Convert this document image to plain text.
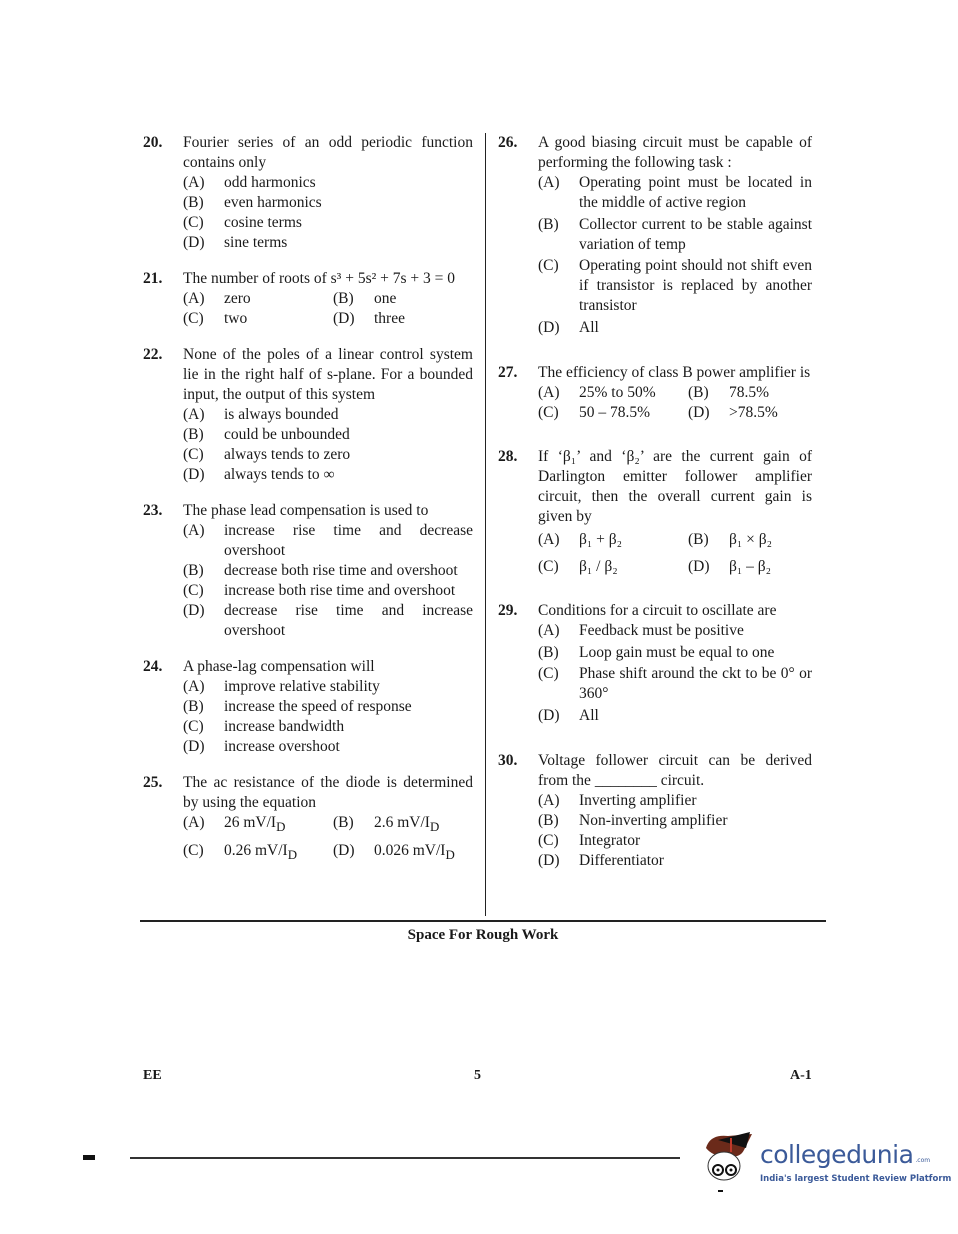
20. Fourier series of an odd periodic function contains only
(A)	odd harmonics
(B)	even harmonics
(C)	cosine terms
(D)	sine terms
21. The number of roots of s³ + 5s² + 7s + 3 = 0
(A)	zero	(B)	one
(C)	two	(D)	three
22. None of the poles of a linear control system lie in the right half of s-plane. For a bounded input, the output of this system
(A)	is always bounded
(B)	could be unbounded
(C)	always tends to zero
(D)	always tends to ∞
23. The phase lead compensation is used to
(A)	increase rise time and decrease overshoot
(B)	decrease both rise time and overshoot
(C)	increase both rise time and overshoot
(D)	decrease rise time and increase overshoot
24. A phase-lag compensation will
(A)	improve relative stability
(B)	increase the speed of response
(C)	increase bandwidth
(D)	increase overshoot
25. The ac resistance of the diode is determined by using the equation
(A)	26 $mV/I_D$	(B)	2.6 $mV/I_D$
(C)	0.26 $mV/I_D$	(D)	0.026 $mV/I_D$
26. A good biasing circuit must be capable of performing the following task :
(A)	Operating point must be located in the middle of active region
(B)	Collector current to be stable against variation of temp
(C)	Operating point should not shift even if transistor is replaced by another transistor
(D)	All
27. The efficiency of class B power amplifier is
(A)	25% to 50%	(B)	78.5%
(C)	50 – 78.5%	(D)	>78.5%
28. If ‘β₁’ and ‘β₂’ are the current gain of Darlington emitter follower amplifier circuit, then the overall current gain is given by
(A)	β₁ + β₂	(B)	β₁ × β₂
(C)	β₁ / β₂	(D)	β₁ – β₂
29. Conditions for a circuit to oscillate are
(A)	Feedback must be positive
(B)	Loop gain must be equal to one
(C)	Phase shift around the ckt to be 0° or 360°
(D)	All
30. Voltage follower circuit can be derived from the ________ circuit.
(A)	Inverting amplifier
(B)	Non-inverting amplifier
(C)	Integrator
(D)	Differentiator
Space For Rough Work
EE	5	A-1
collegedunia .com
India's largest Student Review Platform
